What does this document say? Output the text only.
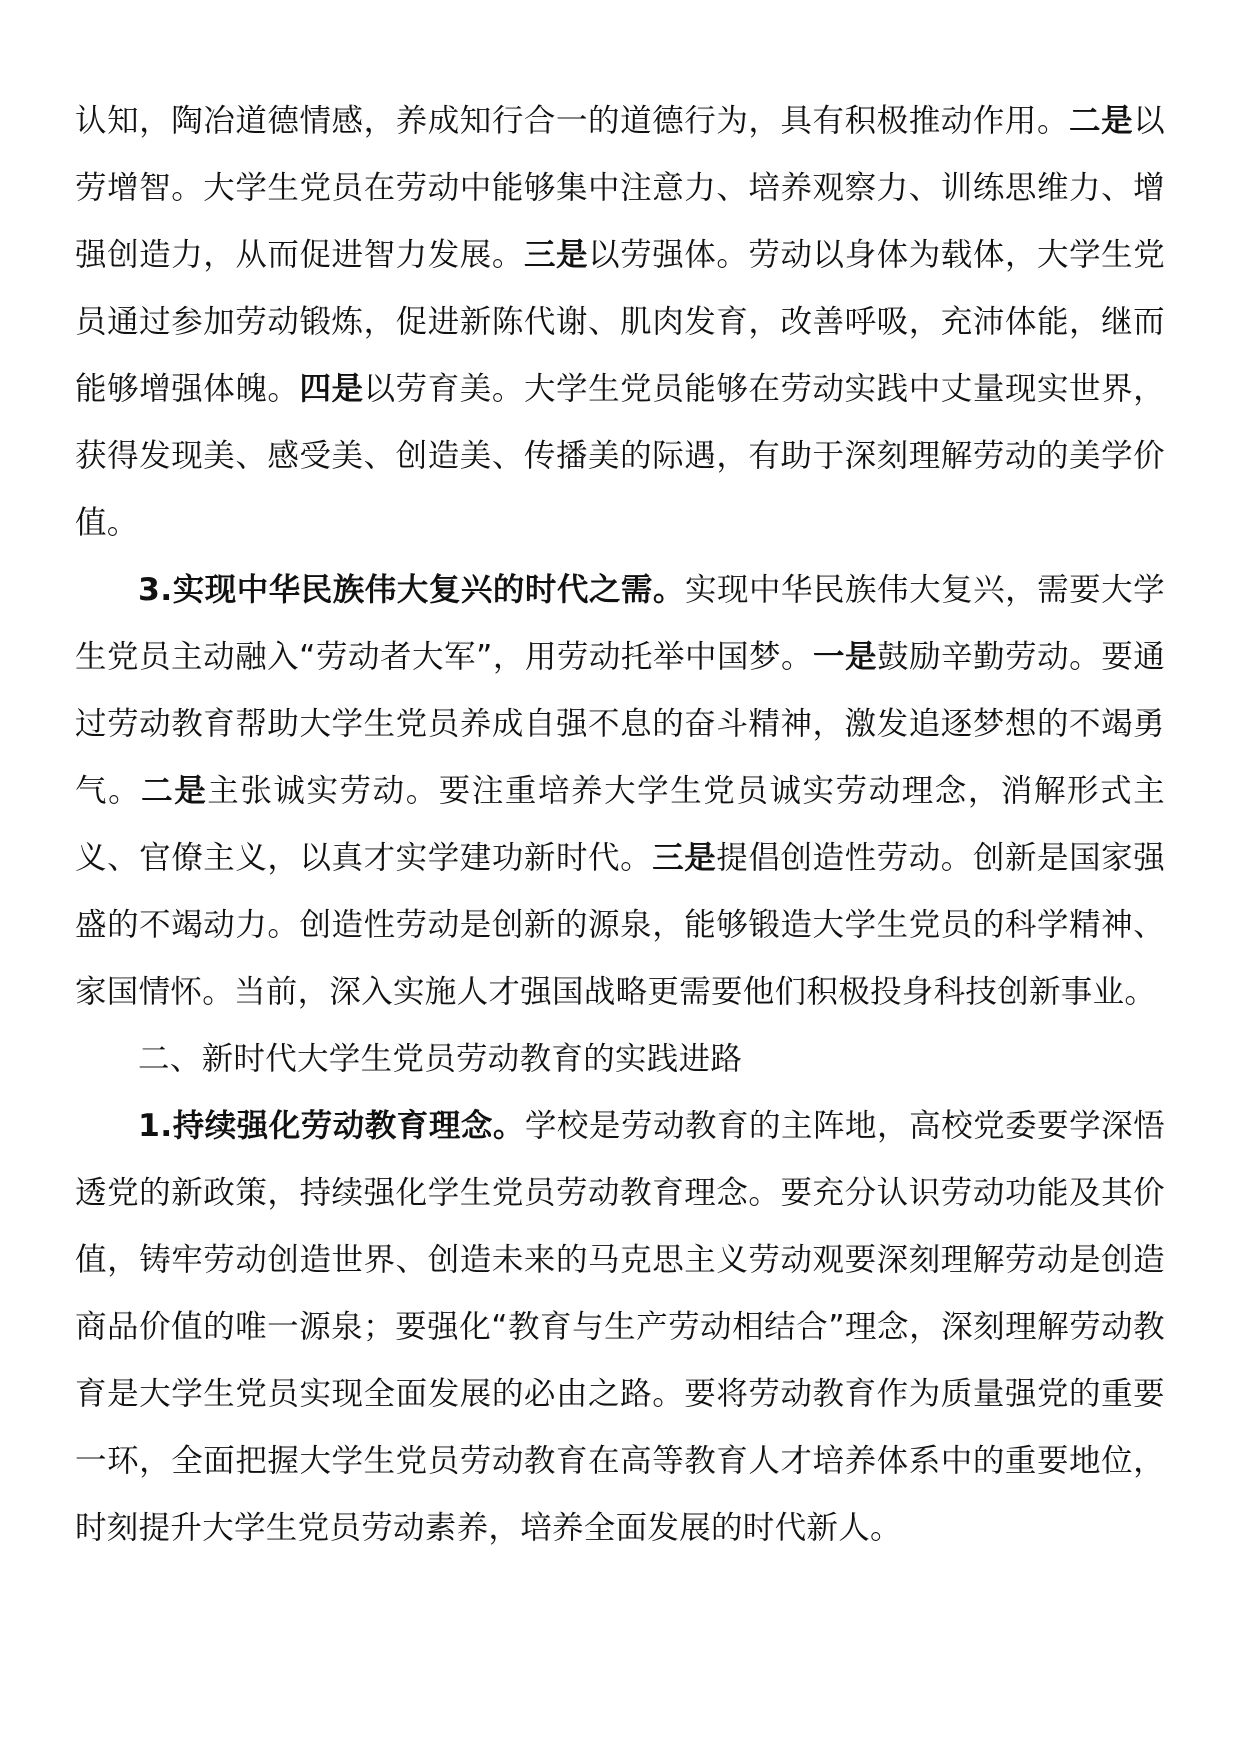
认知，陶冶道德情感，养成知行合一的道德行为，具有积极推动作用。二是以劳增智。大学生党员在劳动中能够集中注意力、培养观察力、训练思维力、增强创造力，从而促进智力发展。三是以劳强体。劳动以身体为载体，大学生党员通过参加劳动锻炼，促进新陈代谢、肌肉发育，改善呼吸，充沛体能，继而能够增强体魄。四是以劳育美。大学生党员能够在劳动实践中丈量现实世界，获得发现美、感受美、创造美、传播美的际遇，有助于深刻理解劳动的美学价值。

3.实现中华民族伟大复兴的时代之需。实现中华民族伟大复兴，需要大学生党员主动融入“劳动者大军”，用劳动托举中国梦。一是鼓励辛勤劳动。要通过劳动教育帮助大学生党员养成自强不息的奋斗精神，激发追逐梦想的不竭勇气。二是主张诚实劳动。要注重培养大学生党员诚实劳动理念，消解形式主义、官僚主义，以真才实学建功新时代。三是提倡创造性劳动。创新是国家强盛的不竭动力。创造性劳动是创新的源泉，能够锻造大学生党员的科学精神、家国情怀。当前，深入实施人才强国战略更需要他们积极投身科技创新事业。

二、新时代大学生党员劳动教育的实践进路

1.持续强化劳动教育理念。学校是劳动教育的主阵地，高校党委要学深悟透党的新政策，持续强化学生党员劳动教育理念。要充分认识劳动功能及其价值，铸牢劳动创造世界、创造未来的马克思主义劳动观要深刻理解劳动是创造商品价值的唯一源泉；要强化“教育与生产劳动相结合”理念，深刻理解劳动教育是大学生党员实现全面发展的必由之路。要将劳动教育作为质量强党的重要一环，全面把握大学生党员劳动教育在高等教育人才培养体系中的重要地位，时刻提升大学生党员劳动素养，培养全面发展的时代新人。
